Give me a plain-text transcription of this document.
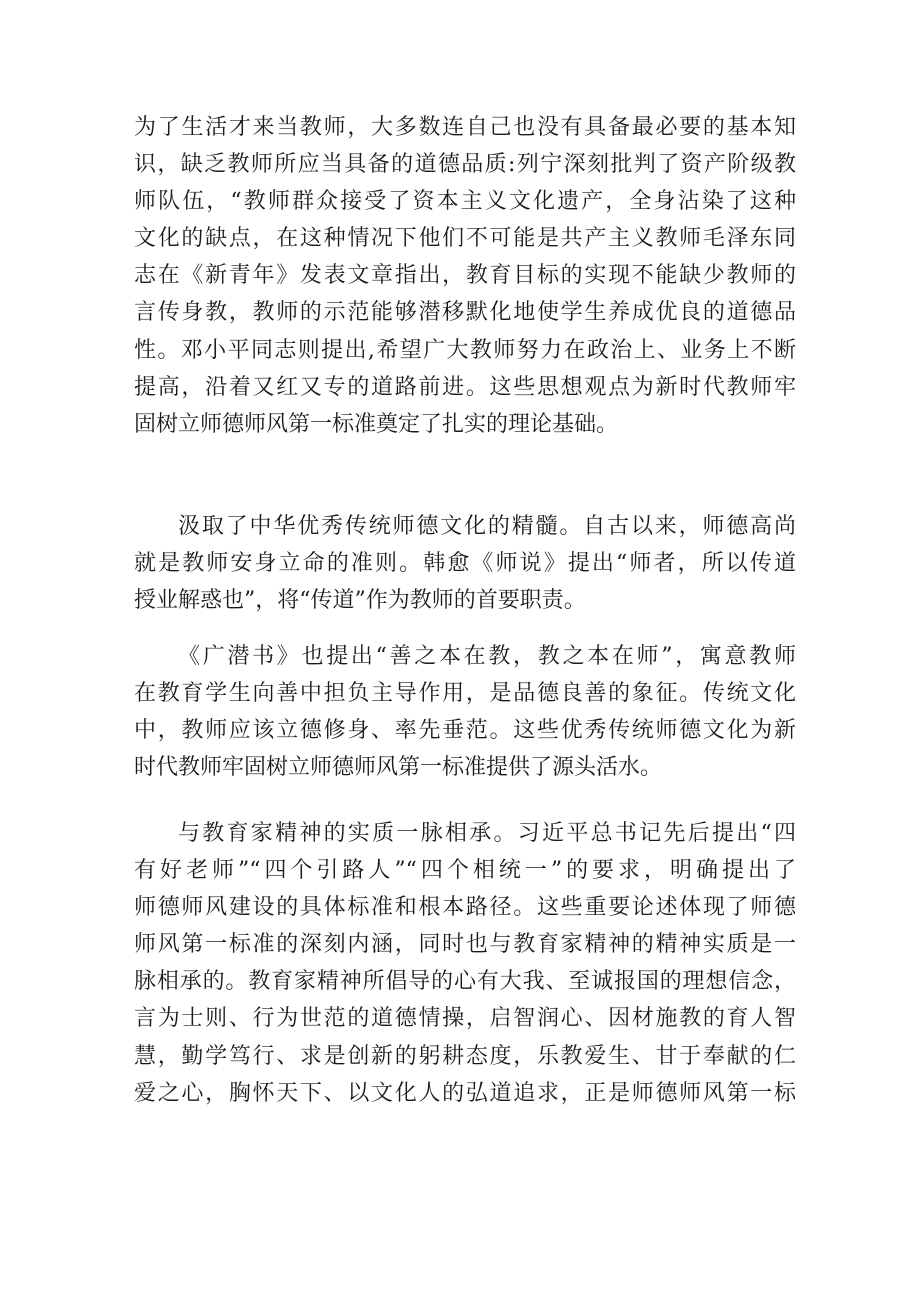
为了生活才来当教师，大多数连自己也没有具备最必要的基本知
识，缺乏教师所应当具备的道德品质:列宁深刻批判了资产阶级教
师队伍，“教师群众接受了资本主义文化遗产，全身沾染了这种
文化的缺点，在这种情况下他们不可能是共产主义教师毛泽东同
志在《新青年》发表文章指出，教育目标的实现不能缺少教师的
言传身教，教师的示范能够潜移默化地使学生养成优良的道德品
性。邓小平同志则提出,希望广大教师努力在政治上、业务上不断
提高，沿着又红又专的道路前进。这些思想观点为新时代教师牢
固树立师德师风第一标准奠定了扎实的理论基础。
汲取了中华优秀传统师德文化的精髓。自古以来，师德高尚
就是教师安身立命的准则。韩愈《师说》提出“师者，所以传道
授业解惑也”，将“传道”作为教师的首要职责。
《广潜书》也提出“善之本在教，教之本在师”，寓意教师
在教育学生向善中担负主导作用，是品德良善的象征。传统文化
中，教师应该立德修身、率先垂范。这些优秀传统师德文化为新
时代教师牢固树立师德师风第一标准提供了源头活水。
与教育家精神的实质一脉相承。习近平总书记先后提出“四
有好老师”“四个引路人”“四个相统一”的要求，明确提出了
师德师风建设的具体标准和根本路径。这些重要论述体现了师德
师风第一标准的深刻内涵，同时也与教育家精神的精神实质是一
脉相承的。教育家精神所倡导的心有大我、至诚报国的理想信念，
言为士则、行为世范的道德情操，启智润心、因材施教的育人智
慧，勤学笃行、求是创新的躬耕态度，乐教爱生、甘于奉献的仁
爱之心，胸怀天下、以文化人的弘道追求，正是师德师风第一标
